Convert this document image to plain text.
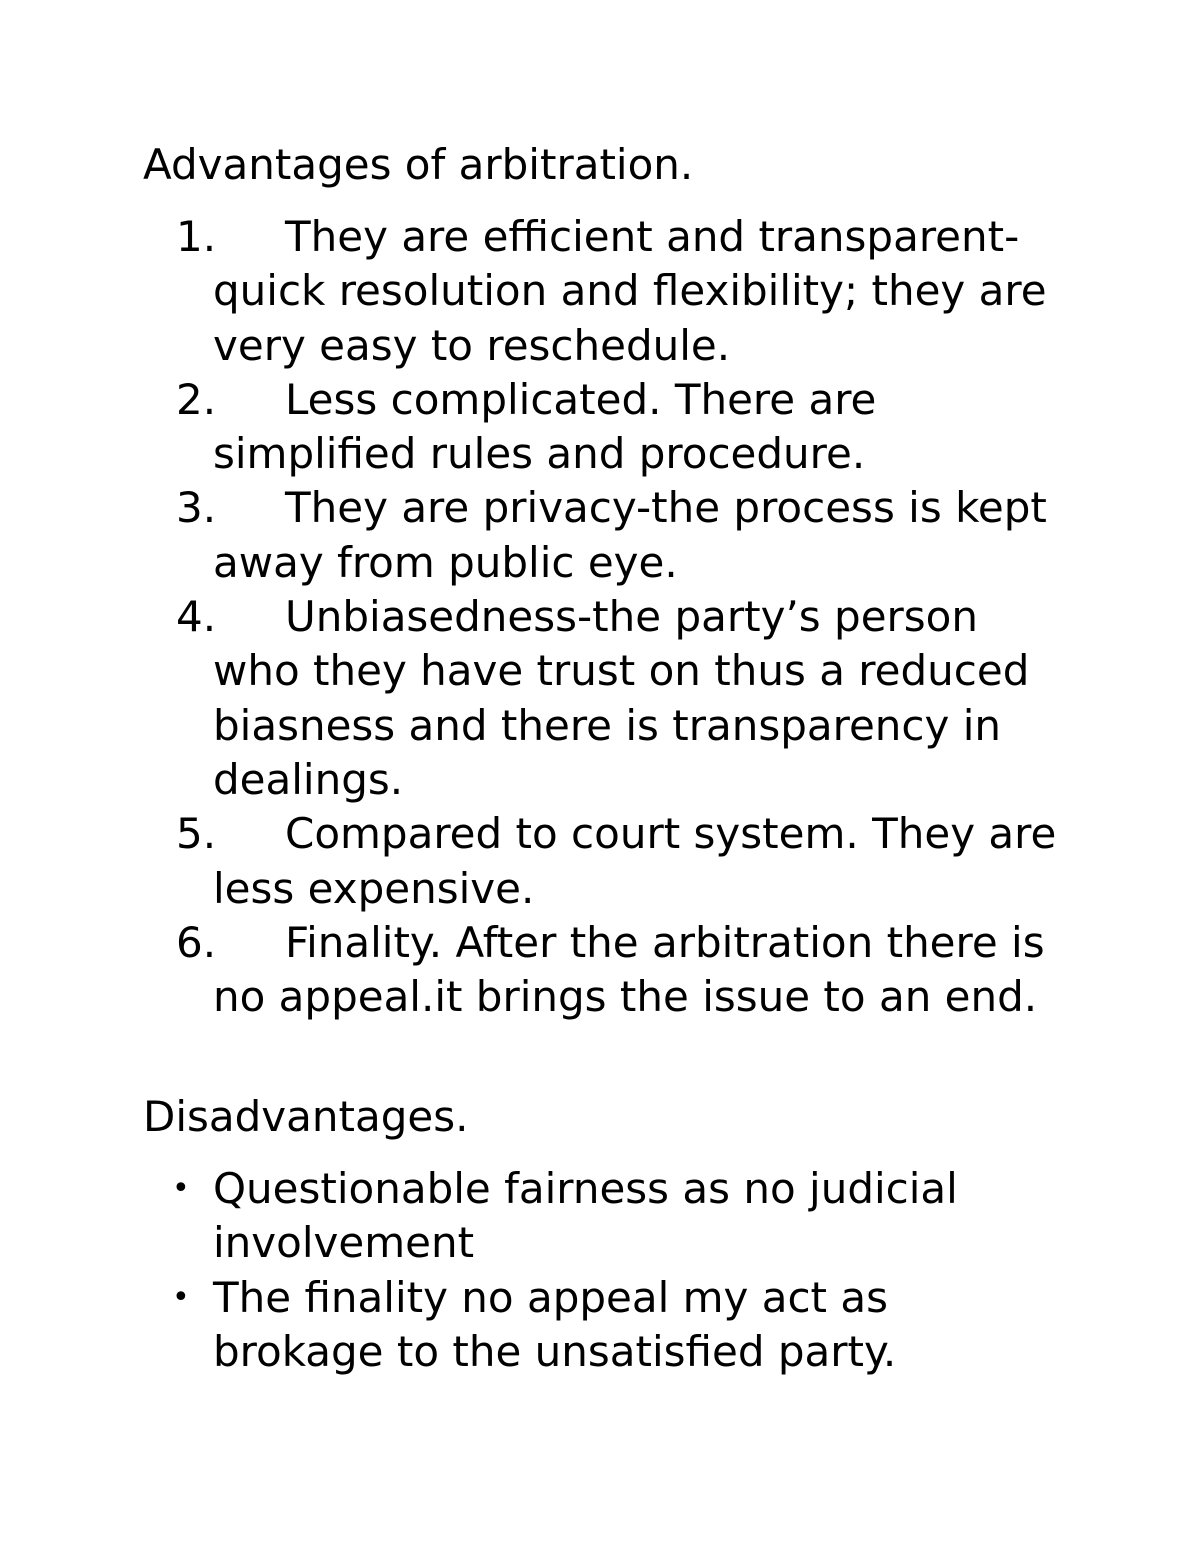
Advantages of arbitration.

1. They are efficient and transparent-quick resolution and flexibility; they are very easy to reschedule.
2. Less complicated. There are simplified rules and procedure.
3. They are privacy-the process is kept away from public eye.
4. Unbiasedness-the party’s person who they have trust on thus a reduced biasness and there is transparency in dealings.
5. Compared to court system. They are less expensive.
6. Finality. After the arbitration there is no appeal.it brings the issue to an end.

Disadvantages.

• Questionable fairness as no judicial involvement
• The finality no appeal my act as brokage to the unsatisfied party.
